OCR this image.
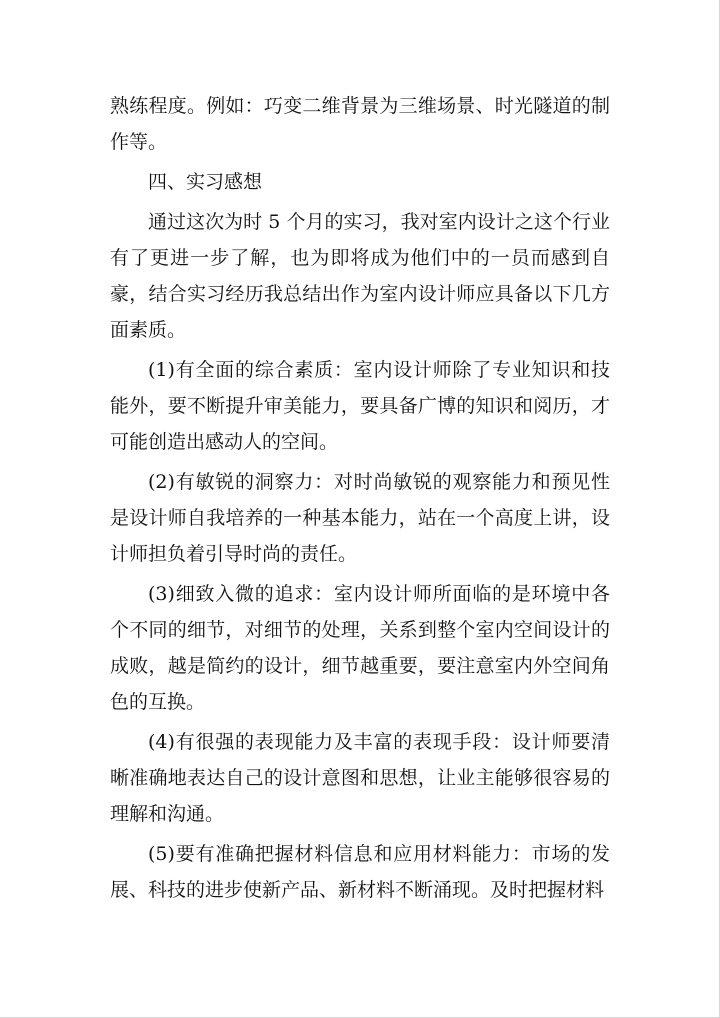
熟练程度。例如：巧变二维背景为三维场景、时光隧道的制作等。

四、实习感想

通过这次为时 5 个月的实习，我对室内设计之这个行业有了更进一步了解，也为即将成为他们中的一员而感到自豪，结合实习经历我总结出作为室内设计师应具备以下几方面素质。

(1)有全面的综合素质：室内设计师除了专业知识和技能外，要不断提升审美能力，要具备广博的知识和阅历，才可能创造出感动人的空间。

(2)有敏锐的洞察力：对时尚敏锐的观察能力和预见性是设计师自我培养的一种基本能力，站在一个高度上讲，设计师担负着引导时尚的责任。

(3)细致入微的追求：室内设计师所面临的是环境中各个不同的细节，对细节的处理，关系到整个室内空间设计的成败，越是简约的设计，细节越重要，要注意室内外空间角色的互换。

(4)有很强的表现能力及丰富的表现手段：设计师要清晰准确地表达自己的设计意图和思想，让业主能够很容易的理解和沟通。

(5)要有准确把握材料信息和应用材料能力：市场的发展、科技的进步使新产品、新材料不断涌现。及时把握材料
